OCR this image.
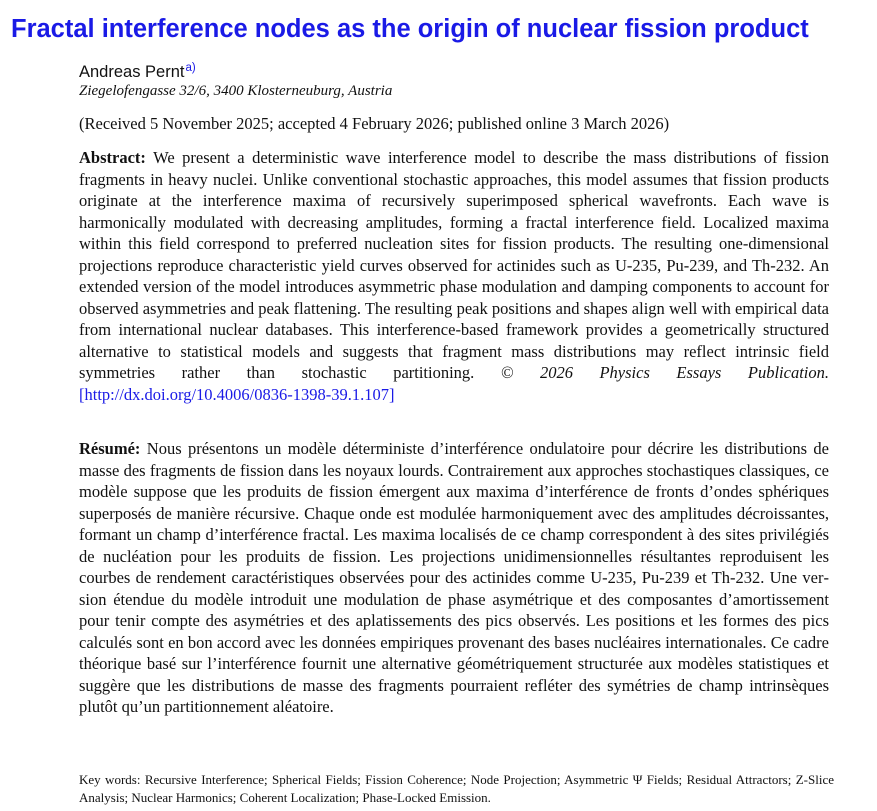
Fractal interference nodes as the origin of nuclear fission product
Andreas Pernt$^{a)}$
Ziegelofengasse 32/6, 3400 Klosterneuburg, Austria
(Received 5 November 2025; accepted 4 February 2026; published online 3 March 2026)
Abstract: We present a deterministic wave interference model to describe the mass distributions of fission fragments in heavy nuclei. Unlike conventional stochastic approaches, this model assumes that fission products originate at the interference maxima of recursively superimposed spherical wavefronts. Each wave is harmonically modulated with decreasing amplitudes, forming a fractal interference field. Localized maxima within this field correspond to preferred nucleation sites for fission products. The resulting one-dimensional projections reproduce characteristic yield curves observed for actinides such as U-235, Pu-239, and Th-232. An extended version of the model introduces asymmetric phase modulation and damping components to account for observed asymmetries and peak flattening. The resulting peak positions and shapes align well with empirical data from international nuclear databases. This interference-based framework provides a geometrically structured alternative to statistical models and suggests that fragment mass distributions may reflect intrinsic field symmetries rather than stochastic partitioning. © 2026 Physics Essays Publication. [http://dx.doi.org/10.4006/0836-1398-39.1.107]
Résumé: Nous présentons un modèle déterministe d’interférence ondulatoire pour décrire les distributions de masse des fragments de fission dans les noyaux lourds. Contrairement aux approches stochastiques classiques, ce modèle suppose que les produits de fission émergent aux maxima d’interférence de fronts d’ondes sphériques superposés de manière récursive. Chaque onde est modulée harmoniquement avec des amplitudes décroissantes, formant un champ d’interférence fractal. Les maxima localisés de ce champ correspondent à des sites privilégiés de nucléation pour les produits de fission. Les projections unidimensionnelles résultantes reproduisent les courbes de rendement caractéristiques observées pour des actinides comme U-235, Pu-239 et Th-232. Une version étendue du modèle introduit une modulation de phase asymétrique et des composantes d’amortissement pour tenir compte des asymétries et des aplatissements des pics observés. Les positions et les formes des pics calculés sont en bon accord avec les données empiriques provenant des bases nucléaires internationales. Ce cadre théorique basé sur l’interférence fournit une alternative géométriquement structurée aux modèles statistiques et suggère que les distributions de masse des fragments pourraient refléter des symétries de champ intrinsèques plutôt qu’un partitionnement aléatoire.
Key words: Recursive Interference; Spherical Fields; Fission Coherence; Node Projection; Asymmetric Ψ Fields; Residual Attractors; Z-Slice Analysis; Nuclear Harmonics; Coherent Localization; Phase-Locked Emission.
